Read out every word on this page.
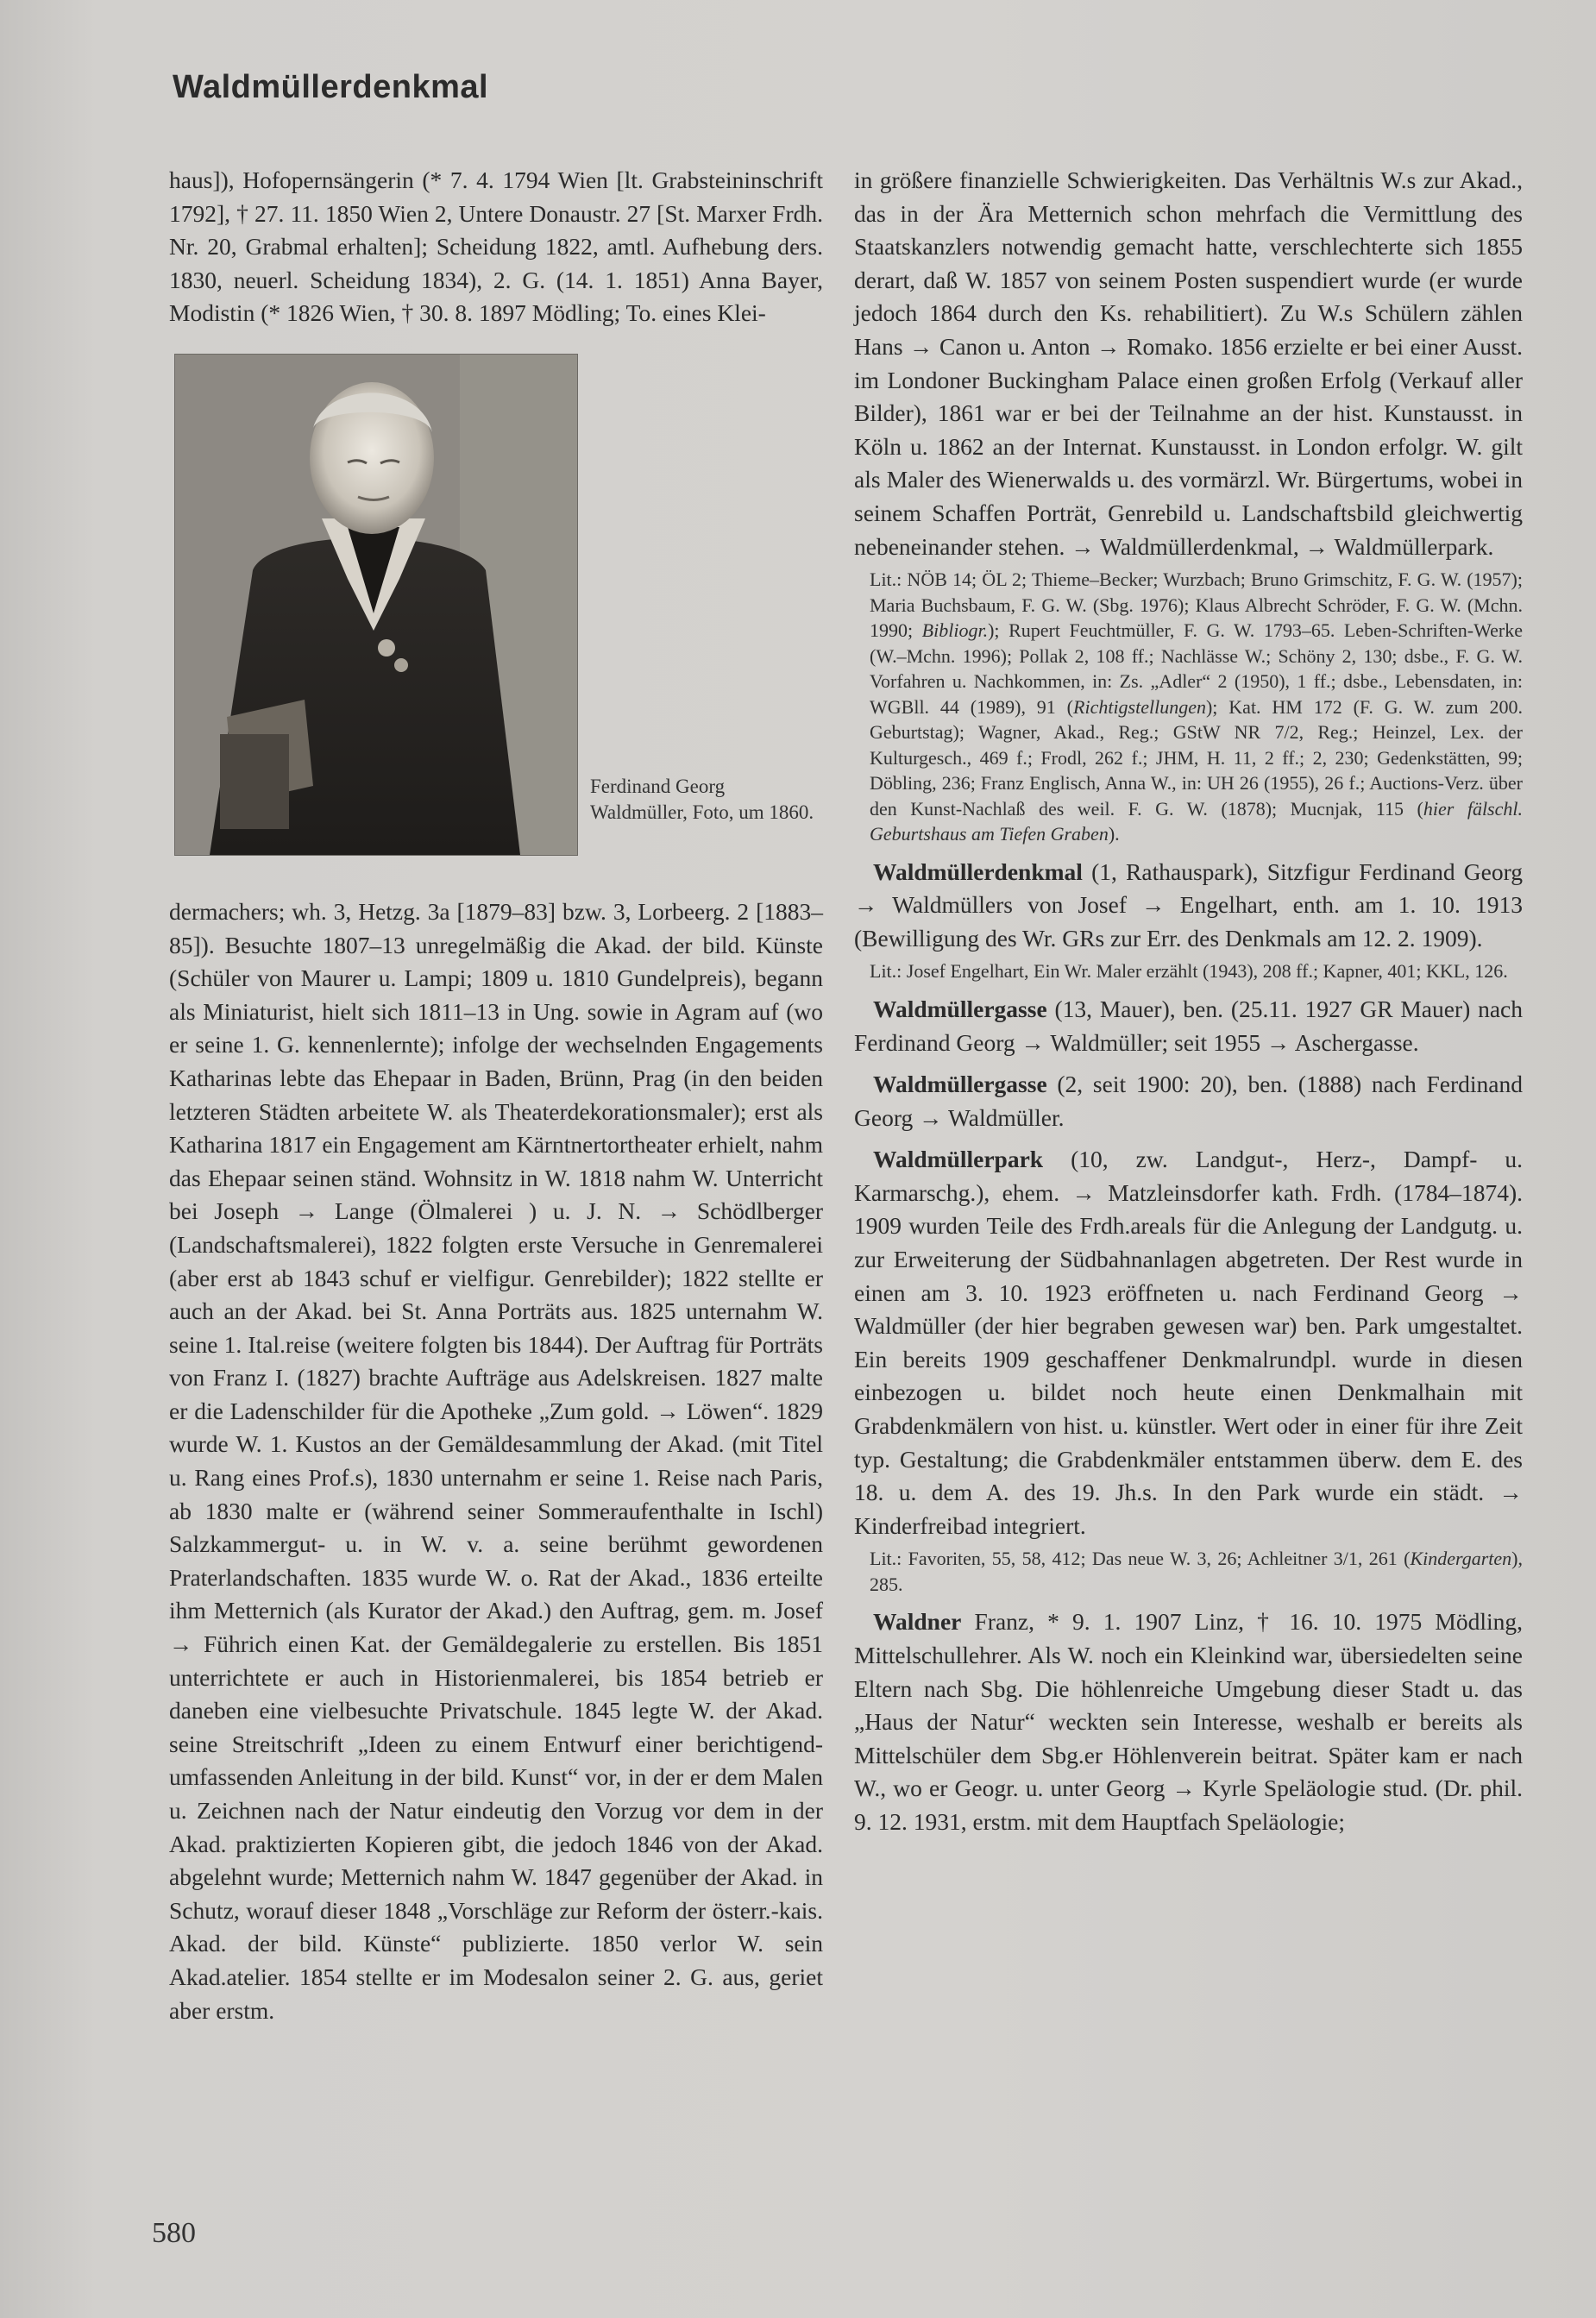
Waldmüllerdenkmal

haus]), Hofopernsängerin (* 7. 4. 1794 Wien [lt. Grabsteininschrift 1792], † 27. 11. 1850 Wien 2, Untere Donaustr. 27 [St. Marxer Frdh. Nr. 20, Grabmal erhalten]; Scheidung 1822, amtl. Aufhebung ders. 1830, neuerl. Scheidung 1834), 2. G. (14. 1. 1851) Anna Bayer, Modistin (* 1826 Wien, † 30. 8. 1897 Mödling; To. eines Klei-

Ferdinand Georg Waldmüller, Foto, um 1860.

dermachers; wh. 3, Hetzg. 3a [1879–83] bzw. 3, Lorbeerg. 2 [1883–85]). Besuchte 1807–13 unregelmäßig die Akad. der bild. Künste (Schüler von Maurer u. Lampi; 1809 u. 1810 Gundelpreis), begann als Miniaturist, hielt sich 1811–13 in Ung. sowie in Agram auf (wo er seine 1. G. kennenlernte); infolge der wechselnden Engagements Katharinas lebte das Ehepaar in Baden, Brünn, Prag (in den beiden letzteren Städten arbeitete W. als Theaterdekorationsmaler); erst als Katharina 1817 ein Engagement am Kärntnertortheater erhielt, nahm das Ehepaar seinen ständ. Wohnsitz in W. 1818 nahm W. Unterricht bei Joseph → Lange (Ölmalerei ) u. J. N. → Schödlberger (Landschaftsmalerei), 1822 folgten erste Versuche in Genremalerei (aber erst ab 1843 schuf er vielfigur. Genrebilder); 1822 stellte er auch an der Akad. bei St. Anna Porträts aus. 1825 unternahm W. seine 1. Ital.reise (weitere folgten bis 1844). Der Auftrag für Porträts von Franz I. (1827) brachte Aufträge aus Adelskreisen. 1827 malte er die Ladenschilder für die Apotheke „Zum gold. → Löwen“. 1829 wurde W. 1. Kustos an der Gemäldesammlung der Akad. (mit Titel u. Rang eines Prof.s), 1830 unternahm er seine 1. Reise nach Paris, ab 1830 malte er (während seiner Sommeraufenthalte in Ischl) Salzkammergut- u. in W. v. a. seine berühmt gewordenen Praterlandschaften. 1835 wurde W. o. Rat der Akad., 1836 erteilte ihm Metternich (als Kurator der Akad.) den Auftrag, gem. m. Josef → Führich einen Kat. der Gemäldegalerie zu erstellen. Bis 1851 unterrichtete er auch in Historienmalerei, bis 1854 betrieb er daneben eine vielbesuchte Privatschule. 1845 legte W. der Akad. seine Streitschrift „Ideen zu einem Entwurf einer berichtigend-umfassenden Anleitung in der bild. Kunst“ vor, in der er dem Malen u. Zeichnen nach der Natur eindeutig den Vorzug vor dem in der Akad. praktizierten Kopieren gibt, die jedoch 1846 von der Akad. abgelehnt wurde; Metternich nahm W. 1847 gegenüber der Akad. in Schutz, worauf dieser 1848 „Vorschläge zur Reform der österr.-kais. Akad. der bild. Künste“ publizierte. 1850 verlor W. sein Akad.atelier. 1854 stellte er im Modesalon seiner 2. G. aus, geriet aber erstm.

in größere finanzielle Schwierigkeiten. Das Verhältnis W.s zur Akad., das in der Ära Metternich schon mehrfach die Vermittlung des Staatskanzlers notwendig gemacht hatte, verschlechterte sich 1855 derart, daß W. 1857 von seinem Posten suspendiert wurde (er wurde jedoch 1864 durch den Ks. rehabilitiert). Zu W.s Schülern zählen Hans → Canon u. Anton → Romako. 1856 erzielte er bei einer Ausst. im Londoner Buckingham Palace einen großen Erfolg (Verkauf aller Bilder), 1861 war er bei der Teilnahme an der hist. Kunstausst. in Köln u. 1862 an der Internat. Kunstausst. in London erfolgr. W. gilt als Maler des Wienerwalds u. des vormärzl. Wr. Bürgertums, wobei in seinem Schaffen Porträt, Genrebild u. Landschaftsbild gleichwertig nebeneinander stehen. → Waldmüllerdenkmal, → Waldmüllerpark.

Lit.: NÖB 14; ÖL 2; Thieme–Becker; Wurzbach; Bruno Grimschitz, F. G. W. (1957); Maria Buchsbaum, F. G. W. (Sbg. 1976); Klaus Albrecht Schröder, F. G. W. (Mchn. 1990; Bibliogr.); Rupert Feuchtmüller, F. G. W. 1793–65. Leben-Schriften-Werke (W.–Mchn. 1996); Pollak 2, 108 ff.; Nachlässe W.; Schöny 2, 130; dsbe., F. G. W. Vorfahren u. Nachkommen, in: Zs. „Adler“ 2 (1950), 1 ff.; dsbe., Lebensdaten, in: WGBll. 44 (1989), 91 (Richtigstellungen); Kat. HM 172 (F. G. W. zum 200. Geburtstag); Wagner, Akad., Reg.; GStW NR 7/2, Reg.; Heinzel, Lex. der Kulturgesch., 469 f.; Frodl, 262 f.; JHM, H. 11, 2 ff.; 2, 230; Gedenkstätten, 99; Döbling, 236; Franz Englisch, Anna W., in: UH 26 (1955), 26 f.; Auctions-Verz. über den Kunst-Nachlaß des weil. F. G. W. (1878); Mucnjak, 115 (hier fälschl. Geburtshaus am Tiefen Graben).

Waldmüllerdenkmal (1, Rathauspark), Sitzfigur Ferdinand Georg → Waldmüllers von Josef → Engelhart, enth. am 1. 10. 1913 (Bewilligung des Wr. GRs zur Err. des Denkmals am 12. 2. 1909).

Lit.: Josef Engelhart, Ein Wr. Maler erzählt (1943), 208 ff.; Kapner, 401; KKL, 126.

Waldmüllergasse (13, Mauer), ben. (25.11. 1927 GR Mauer) nach Ferdinand Georg → Waldmüller; seit 1955 → Aschergasse.

Waldmüllergasse (2, seit 1900: 20), ben. (1888) nach Ferdinand Georg → Waldmüller.

Waldmüllerpark (10, zw. Landgut-, Herz-, Dampf- u. Karmarschg.), ehem. → Matzleinsdorfer kath. Frdh. (1784–1874). 1909 wurden Teile des Frdh.areals für die Anlegung der Landgutg. u. zur Erweiterung der Südbahnanlagen abgetreten. Der Rest wurde in einen am 3. 10. 1923 eröffneten u. nach Ferdinand Georg → Waldmüller (der hier begraben gewesen war) ben. Park umgestaltet. Ein bereits 1909 geschaffener Denkmalrundpl. wurde in diesen einbezogen u. bildet noch heute einen Denkmalhain mit Grabdenkmälern von hist. u. künstler. Wert oder in einer für ihre Zeit typ. Gestaltung; die Grabdenkmäler entstammen überw. dem E. des 18. u. dem A. des 19. Jh.s. In den Park wurde ein städt. → Kinderfreibad integriert.

Lit.: Favoriten, 55, 58, 412; Das neue W. 3, 26; Achleitner 3/1, 261 (Kindergarten), 285.

Waldner Franz, * 9. 1. 1907 Linz, † 16. 10. 1975 Mödling, Mittelschullehrer. Als W. noch ein Kleinkind war, übersiedelten seine Eltern nach Sbg. Die höhlenreiche Umgebung dieser Stadt u. das „Haus der Natur“ weckten sein Interesse, weshalb er bereits als Mittelschüler dem Sbg.er Höhlenverein beitrat. Später kam er nach W., wo er Geogr. u. unter Georg → Kyrle Speläologie stud. (Dr. phil. 9. 12. 1931, erstm. mit dem Hauptfach Speläologie;

580
